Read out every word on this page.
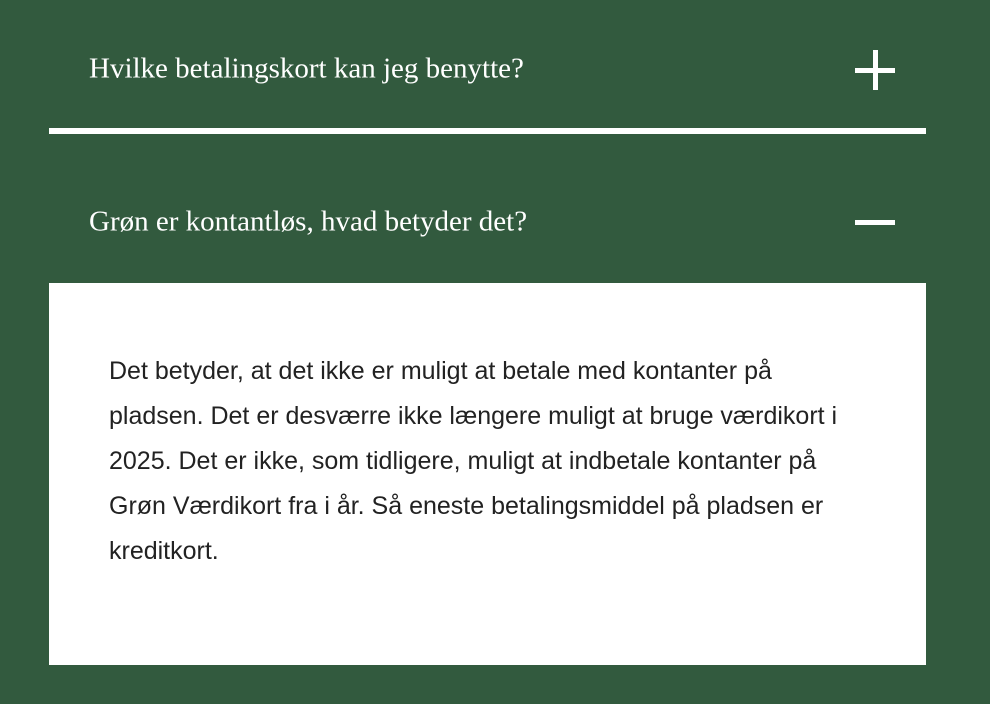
Hvilke betalingskort kan jeg benytte?
Grøn er kontantløs, hvad betyder det?

Det betyder, at det ikke er muligt at betale med kontanter på pladsen. Det er desværre ikke længere muligt at bruge værdikort i 2025. Det er ikke, som tidligere, muligt at indbetale kontanter på Grøn Værdikort fra i år. Så eneste betalingsmiddel på pladsen er kreditkort.
